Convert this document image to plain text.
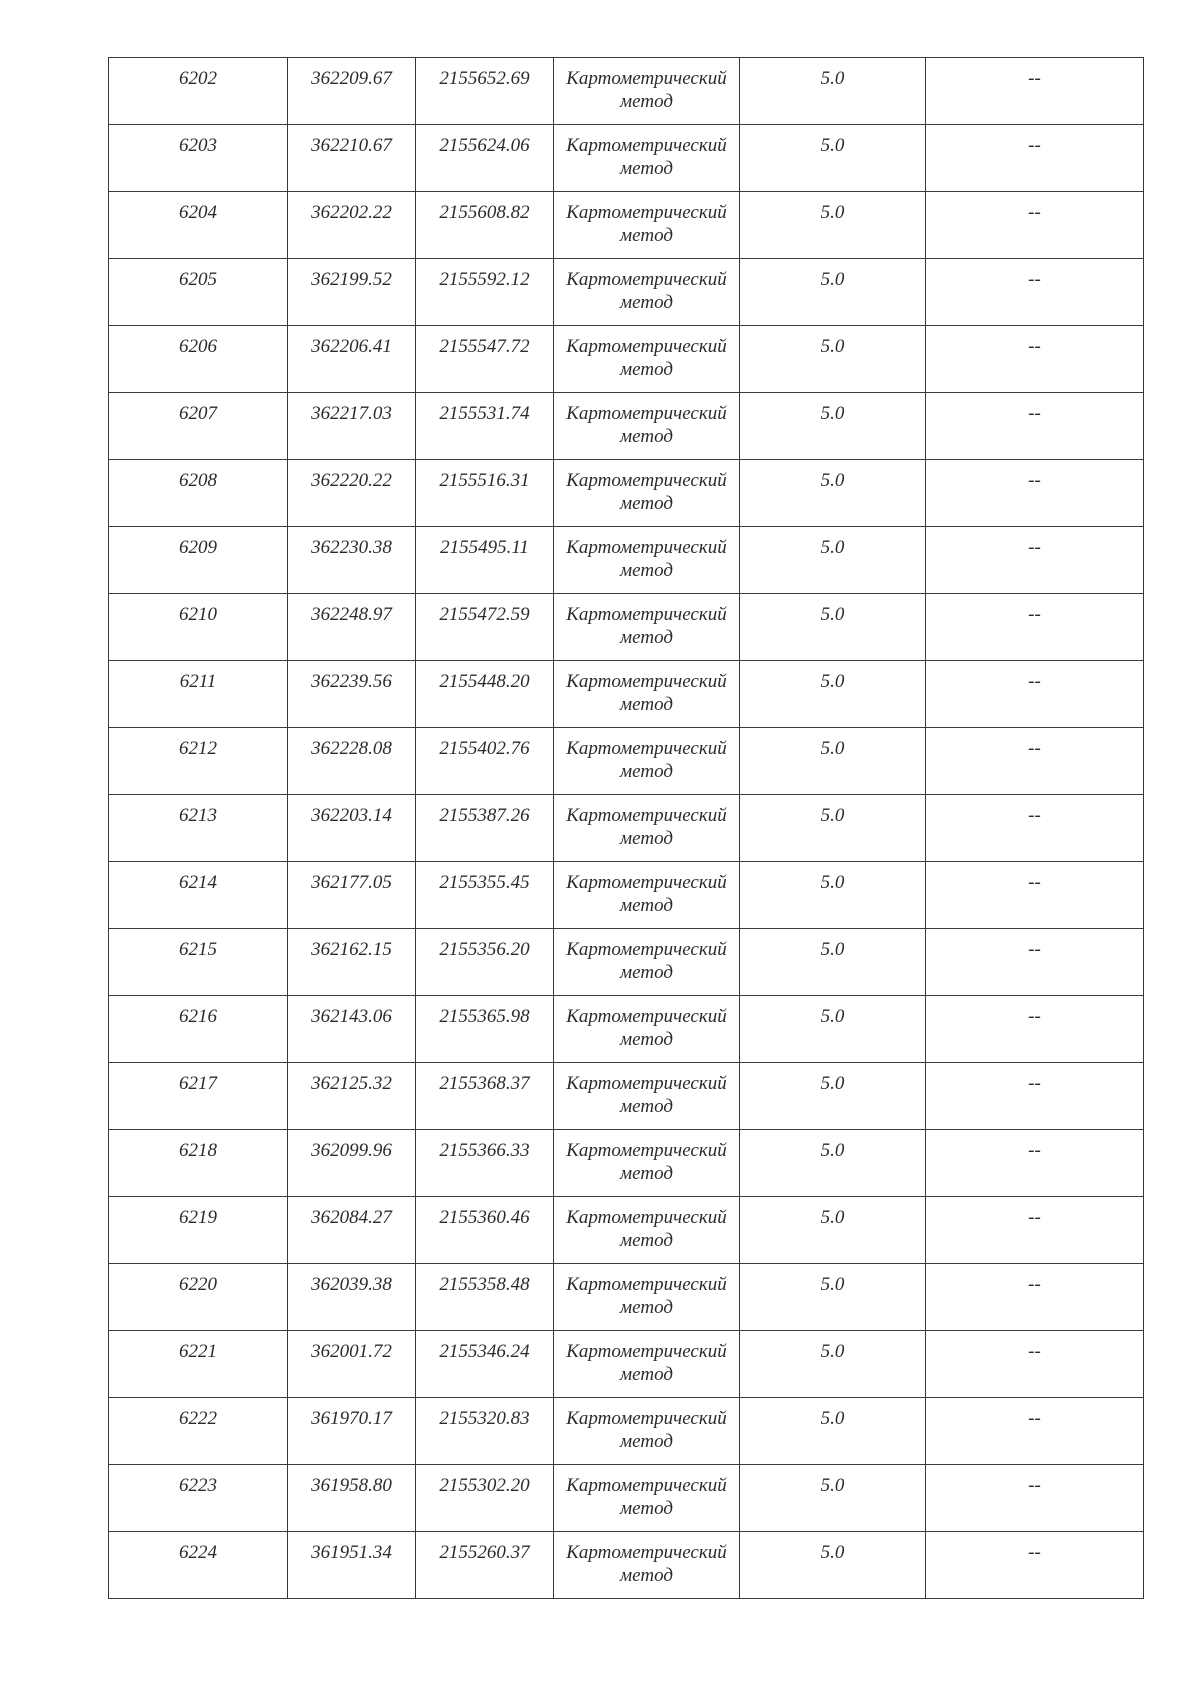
6202	362209.67	2155652.69	Картометрический
метод	5.0	--

6203	362210.67	2155624.06	Картометрический
метод	5.0	--

6204	362202.22	2155608.82	Картометрический
метод	5.0	--

6205	362199.52	2155592.12	Картометрический
метод	5.0	--

6206	362206.41	2155547.72	Картометрический
метод	5.0	--

6207	362217.03	2155531.74	Картометрический
метод	5.0	--

6208	362220.22	2155516.31	Картометрический
метод	5.0	--

6209	362230.38	2155495.11	Картометрический
метод	5.0	--

6210	362248.97	2155472.59	Картометрический
метод	5.0	--

6211	362239.56	2155448.20	Картометрический
метод	5.0	--

6212	362228.08	2155402.76	Картометрический
метод	5.0	--

6213	362203.14	2155387.26	Картометрический
метод	5.0	--

6214	362177.05	2155355.45	Картометрический
метод	5.0	--

6215	362162.15	2155356.20	Картометрический
метод	5.0	--

6216	362143.06	2155365.98	Картометрический
метод	5.0	--

6217	362125.32	2155368.37	Картометрический
метод	5.0	--

6218	362099.96	2155366.33	Картометрический
метод	5.0	--

6219	362084.27	2155360.46	Картометрический
метод	5.0	--

6220	362039.38	2155358.48	Картометрический
метод	5.0	--

6221	362001.72	2155346.24	Картометрический
метод	5.0	--

6222	361970.17	2155320.83	Картометрический
метод	5.0	--

6223	361958.80	2155302.20	Картометрический
метод	5.0	--

6224	361951.34	2155260.37	Картометрический
метод	5.0	--
